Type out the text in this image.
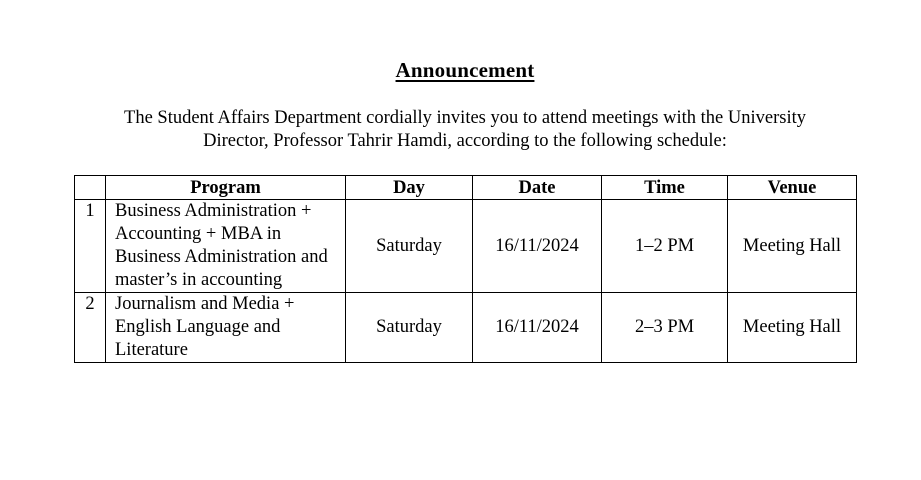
Announcement
The Student Affairs Department cordially invites you to attend meetings with the University
Director, Professor Tahrir Hamdi, according to the following schedule:
	Program	Day	Date	Time	Venue
1	Business Administration + Accounting + MBA in Business Administration and master’s in accounting	Saturday	16/11/2024	1–2 PM	Meeting Hall
2	Journalism and Media + English Language and Literature	Saturday	16/11/2024	2–3 PM	Meeting Hall
